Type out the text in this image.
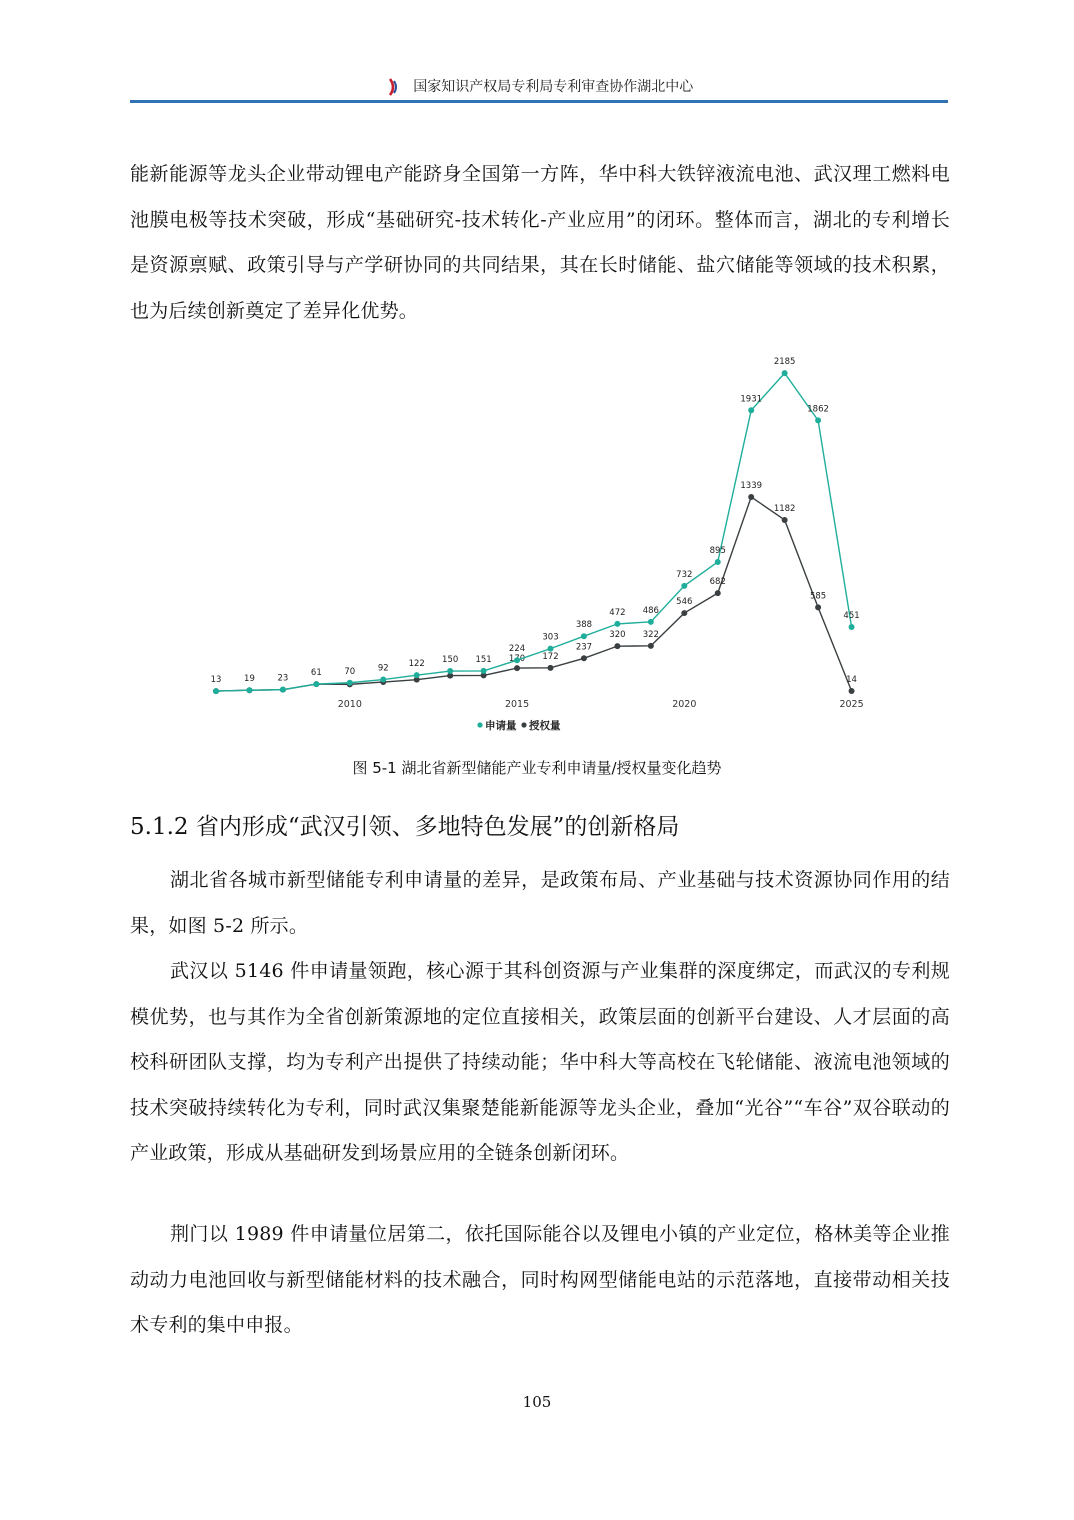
国家知识产权局专利局专利审查协作湖北中心
能新能源等龙头企业带动锂电产能跻身全国第一方阵，华中科大铁锌液流电池、武汉理工燃料电池膜电极等技术突破，形成“基础研究-技术转化-产业应用”的闭环。整体而言，湖北的专利增长是资源禀赋、政策引导与产学研协同的共同结果，其在长时储能、盐穴储能等领域的技术积累，也为后续创新奠定了差异化优势。
172
237
320 322
546
682
1339
1182
585
14
13	19	23
61	70	92 122 150 151
224
303
388
472 486
732
895
1931
2185
1862
451
2010	2015	2020	2025
申请量 授权量
图 5-1 湖北省新型储能产业专利申请量/授权量变化趋势
5.1.2 省内形成“武汉引领、多地特色发展”的创新格局
湖北省各城市新型储能专利申请量的差异，是政策布局、产业基础与技术资源协同作用的结果，如图 5-2 所示。
武汉以 5146 件申请量领跑，核心源于其科创资源与产业集群的深度绑定，而武汉的专利规模优势，也与其作为全省创新策源地的定位直接相关，政策层面的创新平台建设、人才层面的高校科研团队支撑，均为专利产出提供了持续动能；华中科大等高校在飞轮储能、液流电池领域的技术突破持续转化为专利，同时武汉集聚楚能新能源等龙头企业，叠加“光谷”“车谷”双谷联动的产业政策，形成从基础研发到场景应用的全链条创新闭环。
荆门以 1989 件申请量位居第二，依托国际能谷以及锂电小镇的产业定位，格林美等企业推动动力电池回收与新型储能材料的技术融合，同时构网型储能电站的示范落地，直接带动相关技术专利的集中申报。
105
